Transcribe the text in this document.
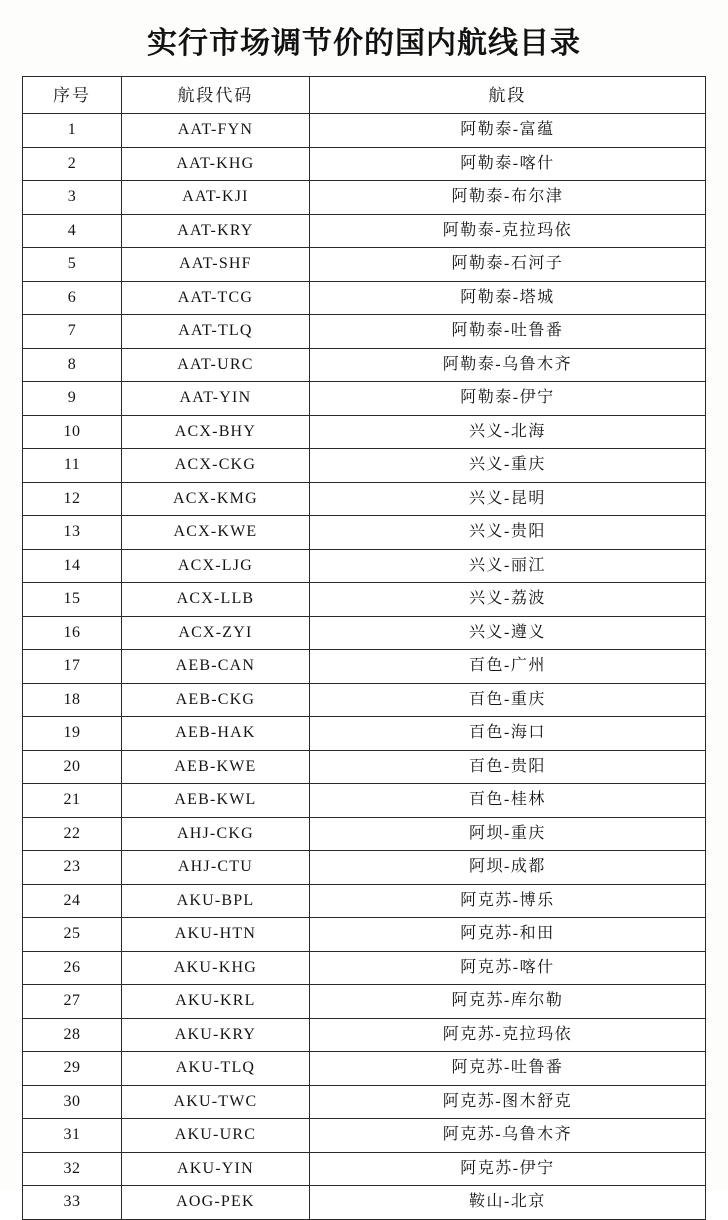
实行市场调节价的国内航线目录
序号	航段代码	航段
1	AAT-FYN	阿勒泰-富蕴
2	AAT-KHG	阿勒泰-喀什
3	AAT-KJI	阿勒泰-布尔津
4	AAT-KRY	阿勒泰-克拉玛依
5	AAT-SHF	阿勒泰-石河子
6	AAT-TCG	阿勒泰-塔城
7	AAT-TLQ	阿勒泰-吐鲁番
8	AAT-URC	阿勒泰-乌鲁木齐
9	AAT-YIN	阿勒泰-伊宁
10	ACX-BHY	兴义-北海
11	ACX-CKG	兴义-重庆
12	ACX-KMG	兴义-昆明
13	ACX-KWE	兴义-贵阳
14	ACX-LJG	兴义-丽江
15	ACX-LLB	兴义-荔波
16	ACX-ZYI	兴义-遵义
17	AEB-CAN	百色-广州
18	AEB-CKG	百色-重庆
19	AEB-HAK	百色-海口
20	AEB-KWE	百色-贵阳
21	AEB-KWL	百色-桂林
22	AHJ-CKG	阿坝-重庆
23	AHJ-CTU	阿坝-成都
24	AKU-BPL	阿克苏-博乐
25	AKU-HTN	阿克苏-和田
26	AKU-KHG	阿克苏-喀什
27	AKU-KRL	阿克苏-库尔勒
28	AKU-KRY	阿克苏-克拉玛依
29	AKU-TLQ	阿克苏-吐鲁番
30	AKU-TWC	阿克苏-图木舒克
31	AKU-URC	阿克苏-乌鲁木齐
32	AKU-YIN	阿克苏-伊宁
33	AOG-PEK	鞍山-北京
